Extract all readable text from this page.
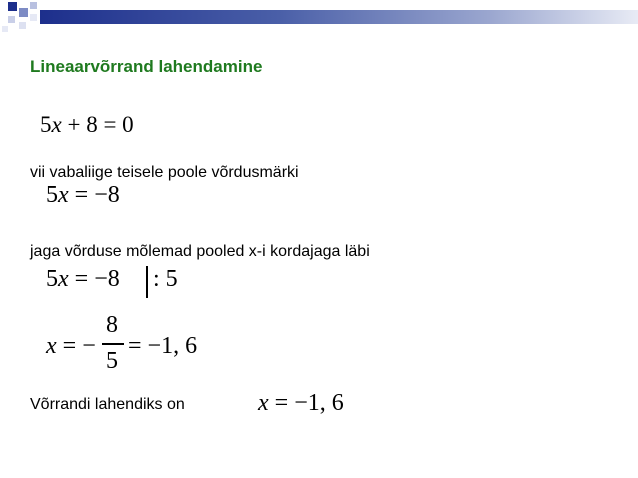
Lineaarvõrrand lahendamine
5x + 8 = 0
vii vabaliige teisele poole võrdusmärki
5x = −8
jaga võrduse mõlemad pooled x-i kordajaga läbi
5x = −8 : 5
x = −
8
5
= −1, 6
Võrrandi lahendiks on	x = −1, 6
